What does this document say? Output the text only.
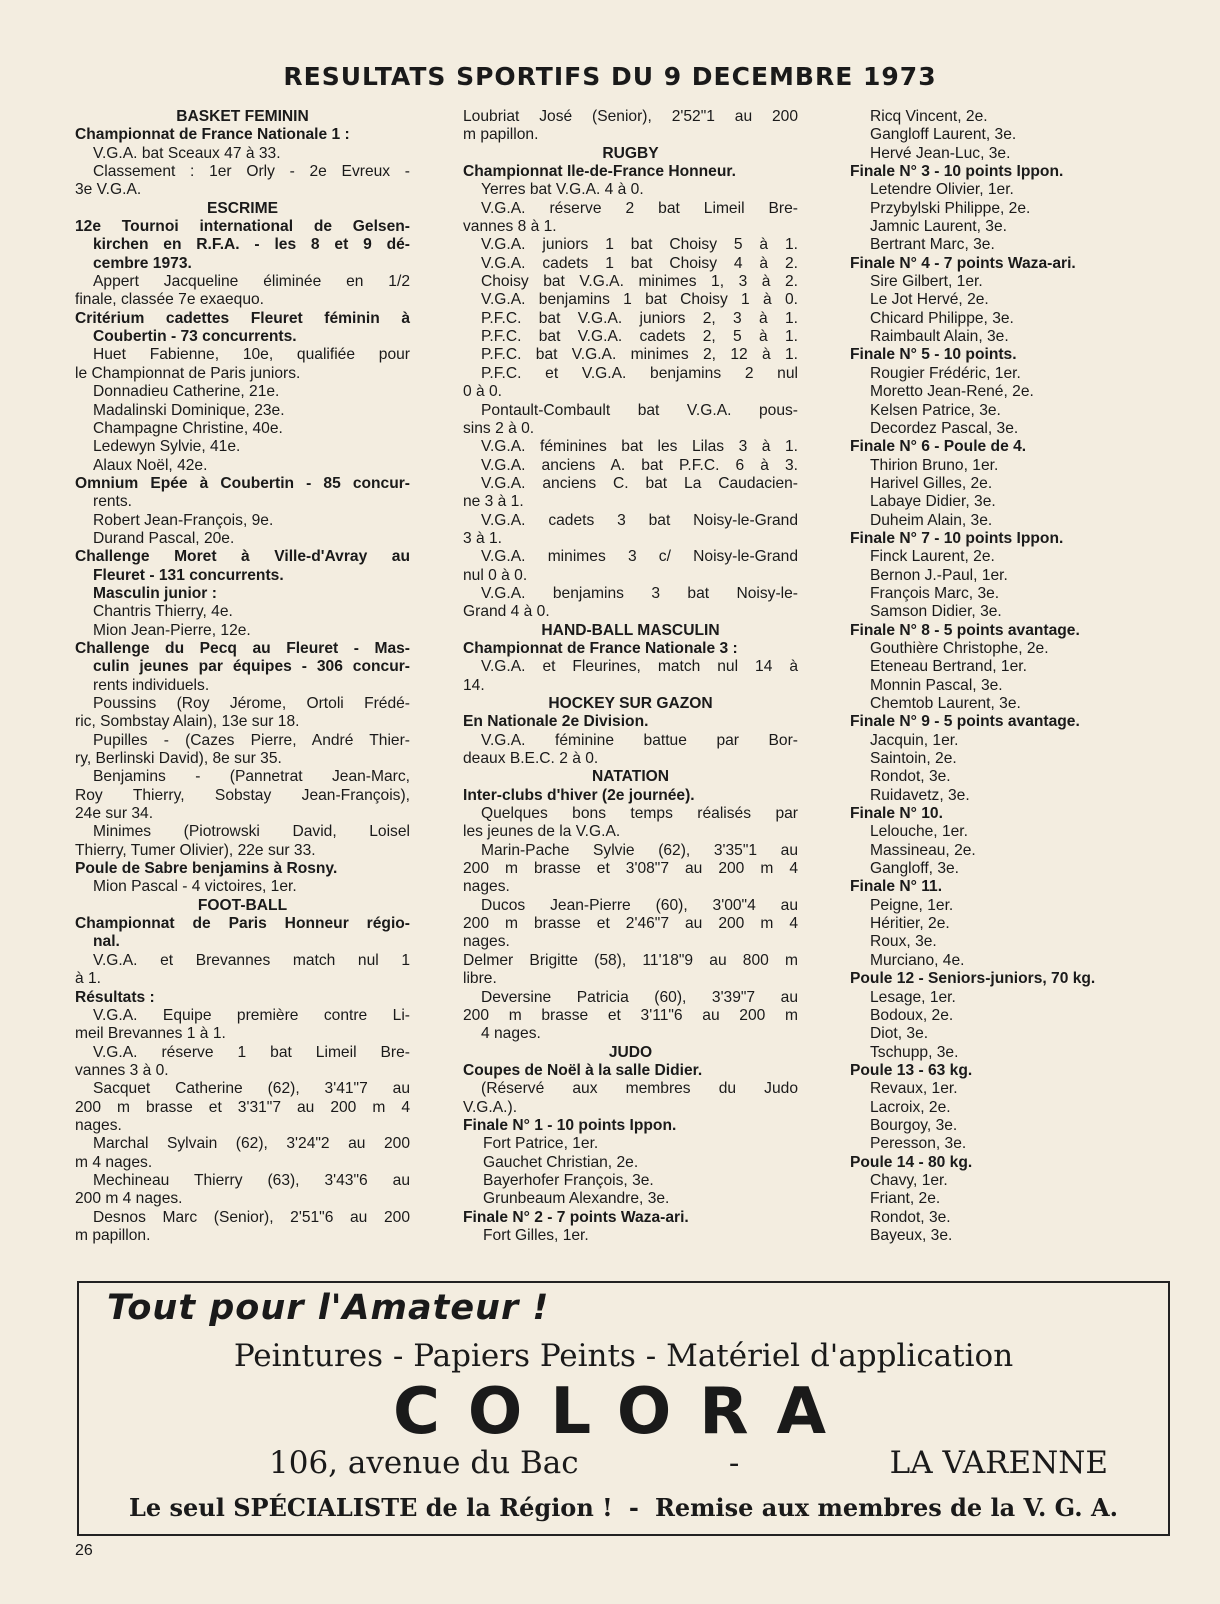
RESULTATS SPORTIFS DU 9 DECEMBRE 1973
BASKET FEMININ
Championnat de France Nationale 1 :
V.G.A. bat Sceaux 47 à 33.
Classement : 1er Orly - 2e Evreux -
3e V.G.A.
ESCRIME
12e Tournoi international de Gelsen-
kirchen en R.F.A. - les 8 et 9 dé-
cembre 1973.
Appert Jacqueline éliminée en 1/2
finale, classée 7e exaequo.
Critérium cadettes Fleuret féminin à
Coubertin - 73 concurrents.
Huet Fabienne, 10e, qualifiée pour
le Championnat de Paris juniors.
Donnadieu Catherine, 21e.
Madalinski Dominique, 23e.
Champagne Christine, 40e.
Ledewyn Sylvie, 41e.
Alaux Noël, 42e.
Omnium Epée à Coubertin - 85 concur-
rents.
Robert Jean-François, 9e.
Durand Pascal, 20e.
Challenge Moret à Ville-d'Avray au
Fleuret - 131 concurrents.
Masculin junior :
Chantris Thierry, 4e.
Mion Jean-Pierre, 12e.
Challenge du Pecq au Fleuret - Mas-
culin jeunes par équipes - 306 concur-
rents individuels.
Poussins (Roy Jérome, Ortoli Frédé-
ric, Sombstay Alain), 13e sur 18.
Pupilles - (Cazes Pierre, André Thier-
ry, Berlinski David), 8e sur 35.
Benjamins - (Pannetrat Jean-Marc,
Roy Thierry, Sobstay Jean-François),
24e sur 34.
Minimes (Piotrowski David, Loisel
Thierry, Tumer Olivier), 22e sur 33.
Poule de Sabre benjamins à Rosny.
Mion Pascal - 4 victoires, 1er.
FOOT-BALL
Championnat de Paris Honneur régio-
nal.
V.G.A. et Brevannes match nul 1
à 1.
Résultats :
V.G.A. Equipe première contre Li-
meil Brevannes 1 à 1.
V.G.A. réserve 1 bat Limeil Bre-
vannes 3 à 0.
Sacquet Catherine (62), 3'41"7 au
200 m brasse et 3'31"7 au 200 m 4
nages.
Marchal Sylvain (62), 3'24"2 au 200
m 4 nages.
Mechineau Thierry (63), 3'43"6 au
200 m 4 nages.
Desnos Marc (Senior), 2'51"6 au 200
m papillon.
Loubriat José (Senior), 2'52"1 au 200
m papillon.
RUGBY
Championnat Ile-de-France Honneur.
Yerres bat V.G.A. 4 à 0.
V.G.A. réserve 2 bat Limeil Bre-
vannes 8 à 1.
V.G.A. juniors 1 bat Choisy 5 à 1.
V.G.A. cadets 1 bat Choisy 4 à 2.
Choisy bat V.G.A. minimes 1, 3 à 2.
V.G.A. benjamins 1 bat Choisy 1 à 0.
P.F.C. bat V.G.A. juniors 2, 3 à 1.
P.F.C. bat V.G.A. cadets 2, 5 à 1.
P.F.C. bat V.G.A. minimes 2, 12 à 1.
P.F.C. et V.G.A. benjamins 2 nul
0 à 0.
Pontault-Combault bat V.G.A. pous-
sins 2 à 0.
V.G.A. féminines bat les Lilas 3 à 1.
V.G.A. anciens A. bat P.F.C. 6 à 3.
V.G.A. anciens C. bat La Caudacien-
ne 3 à 1.
V.G.A. cadets 3 bat Noisy-le-Grand
3 à 1.
V.G.A. minimes 3 c/ Noisy-le-Grand
nul 0 à 0.
V.G.A. benjamins 3 bat Noisy-le-
Grand 4 à 0.
HAND-BALL MASCULIN
Championnat de France Nationale 3 :
V.G.A. et Fleurines, match nul 14 à
14.
HOCKEY SUR GAZON
En Nationale 2e Division.
V.G.A. féminine battue par Bor-
deaux B.E.C. 2 à 0.
NATATION
Inter-clubs d'hiver (2e journée).
Quelques bons temps réalisés par
les jeunes de la V.G.A.
Marin-Pache Sylvie (62), 3'35"1 au
200 m brasse et 3'08"7 au 200 m 4
nages.
Ducos Jean-Pierre (60), 3'00"4 au
200 m brasse et 2'46"7 au 200 m 4
nages.
Delmer Brigitte (58), 11'18"9 au 800 m
libre.
Deversine Patricia (60), 3'39"7 au
200 m brasse et 3'11"6 au 200 m
4 nages.
JUDO
Coupes de Noël à la salle Didier.
(Réservé aux membres du Judo
V.G.A.).
Finale N° 1 - 10 points Ippon.
Fort Patrice, 1er.
Gauchet Christian, 2e.
Bayerhofer François, 3e.
Grunbeaum Alexandre, 3e.
Finale N° 2 - 7 points Waza-ari.
Fort Gilles, 1er.
Ricq Vincent, 2e.
Gangloff Laurent, 3e.
Hervé Jean-Luc, 3e.
Finale N° 3 - 10 points Ippon.
Letendre Olivier, 1er.
Przybylski Philippe, 2e.
Jamnic Laurent, 3e.
Bertrant Marc, 3e.
Finale N° 4 - 7 points Waza-ari.
Sire Gilbert, 1er.
Le Jot Hervé, 2e.
Chicard Philippe, 3e.
Raimbault Alain, 3e.
Finale N° 5 - 10 points.
Rougier Frédéric, 1er.
Moretto Jean-René, 2e.
Kelsen Patrice, 3e.
Decordez Pascal, 3e.
Finale N° 6 - Poule de 4.
Thirion Bruno, 1er.
Harivel Gilles, 2e.
Labaye Didier, 3e.
Duheim Alain, 3e.
Finale N° 7 - 10 points Ippon.
Finck Laurent, 2e.
Bernon J.-Paul, 1er.
François Marc, 3e.
Samson Didier, 3e.
Finale N° 8 - 5 points avantage.
Gouthière Christophe, 2e.
Eteneau Bertrand, 1er.
Monnin Pascal, 3e.
Chemtob Laurent, 3e.
Finale N° 9 - 5 points avantage.
Jacquin, 1er.
Saintoin, 2e.
Rondot, 3e.
Ruidavetz, 3e.
Finale N° 10.
Lelouche, 1er.
Massineau, 2e.
Gangloff, 3e.
Finale N° 11.
Peigne, 1er.
Héritier, 2e.
Roux, 3e.
Murciano, 4e.
Poule 12 - Seniors-juniors, 70 kg.
Lesage, 1er.
Bodoux, 2e.
Diot, 3e.
Tschupp, 3e.
Poule 13 - 63 kg.
Revaux, 1er.
Lacroix, 2e.
Bourgoy, 3e.
Peresson, 3e.
Poule 14 - 80 kg.
Chavy, 1er.
Friant, 2e.
Rondot, 3e.
Bayeux, 3e.
Tout pour l'Amateur !
Peintures - Papiers Peints - Matériel d'application
COLORA
106, avenue du Bac	-	LA VARENNE
Le seul SPÉCIALISTE de la Région ! - Remise aux membres de la V. G. A.
26
